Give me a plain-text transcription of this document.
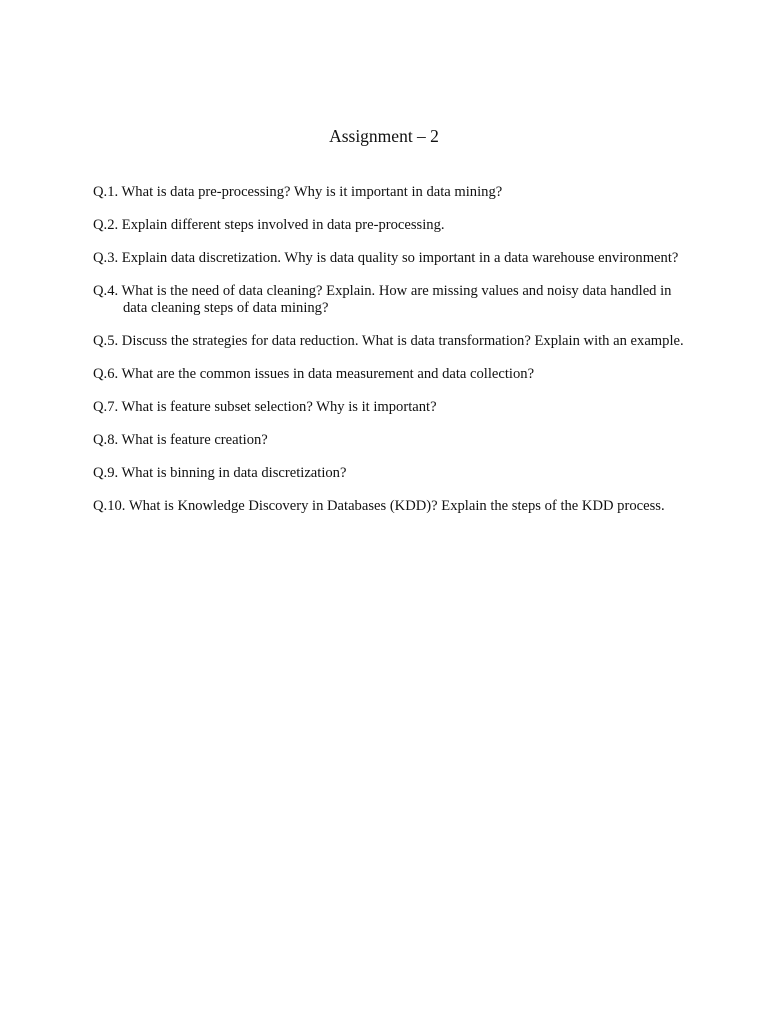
Assignment – 2
Q.1. What is data pre-processing? Why is it important in data mining?
Q.2. Explain different steps involved in data pre-processing.
Q.3. Explain data discretization. Why is data quality so important in a data warehouse environment?
Q.4. What is the need of data cleaning? Explain. How are missing values and noisy data handled in data cleaning steps of data mining?
Q.5. Discuss the strategies for data reduction. What is data transformation? Explain with an example.
Q.6. What are the common issues in data measurement and data collection?
Q.7. What is feature subset selection? Why is it important?
Q.8. What is feature creation?
Q.9. What is binning in data discretization?
Q.10. What is Knowledge Discovery in Databases (KDD)? Explain the steps of the KDD process.
